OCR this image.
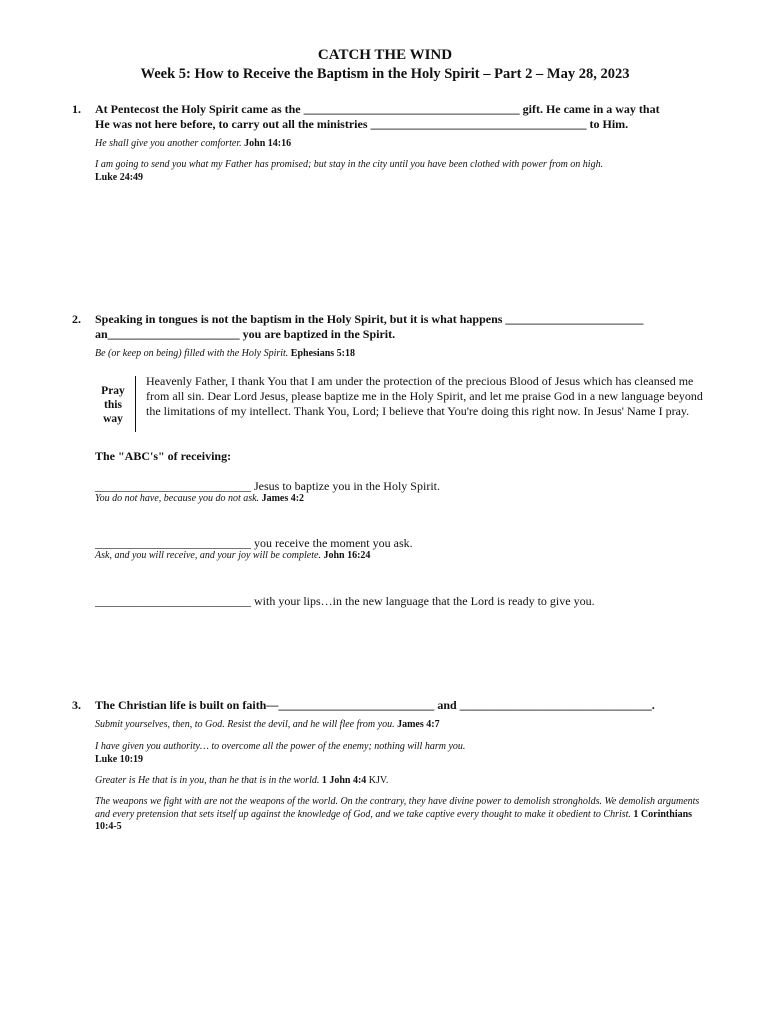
CATCH THE WIND
Week 5: How to Receive the Baptism in the Holy Spirit – Part 2 – May 28, 2023
1. At Pentecost the Holy Spirit came as the ____________________________________ gift. He came in a way that
He was not here before, to carry out all the ministries ____________________________________ to Him.
He shall give you another comforter. John 14:16
I am going to send you what my Father has promised; but stay in the city until you have been clothed with power from on high.
Luke 24:49
2. Speaking in tongues is not the baptism in the Holy Spirit, but it is what happens _______________________
an______________________ you are baptized in the Spirit.
Be (or keep on being) filled with the Holy Spirit. Ephesians 5:18
Pray
this
way
Heavenly Father, I thank You that I am under the protection of the precious Blood of Jesus which has cleansed me from all sin. Dear Lord Jesus, please baptize me in the Holy Spirit, and let me praise God in a new language beyond the limitations of my intellect. Thank You, Lord; I believe that You're doing this right now. In Jesus' Name I pray.
The "ABC's" of receiving:
__________________________ Jesus to baptize you in the Holy Spirit.
You do not have, because you do not ask. James 4:2
__________________________ you receive the moment you ask.
Ask, and you will receive, and your joy will be complete. John 16:24
__________________________ with your lips…in the new language that the Lord is ready to give you.
3. The Christian life is built on faith—__________________________ and ________________________________.
Submit yourselves, then, to God. Resist the devil, and he will flee from you. James 4:7
I have given you authority… to overcome all the power of the enemy; nothing will harm you.
Luke 10:19
Greater is He that is in you, than he that is in the world. 1 John 4:4 KJV.
The weapons we fight with are not the weapons of the world. On the contrary, they have divine power to demolish strongholds. We demolish arguments and every pretension that sets itself up against the knowledge of God, and we take captive every thought to make it obedient to Christ. 1 Corinthians 10:4-5
